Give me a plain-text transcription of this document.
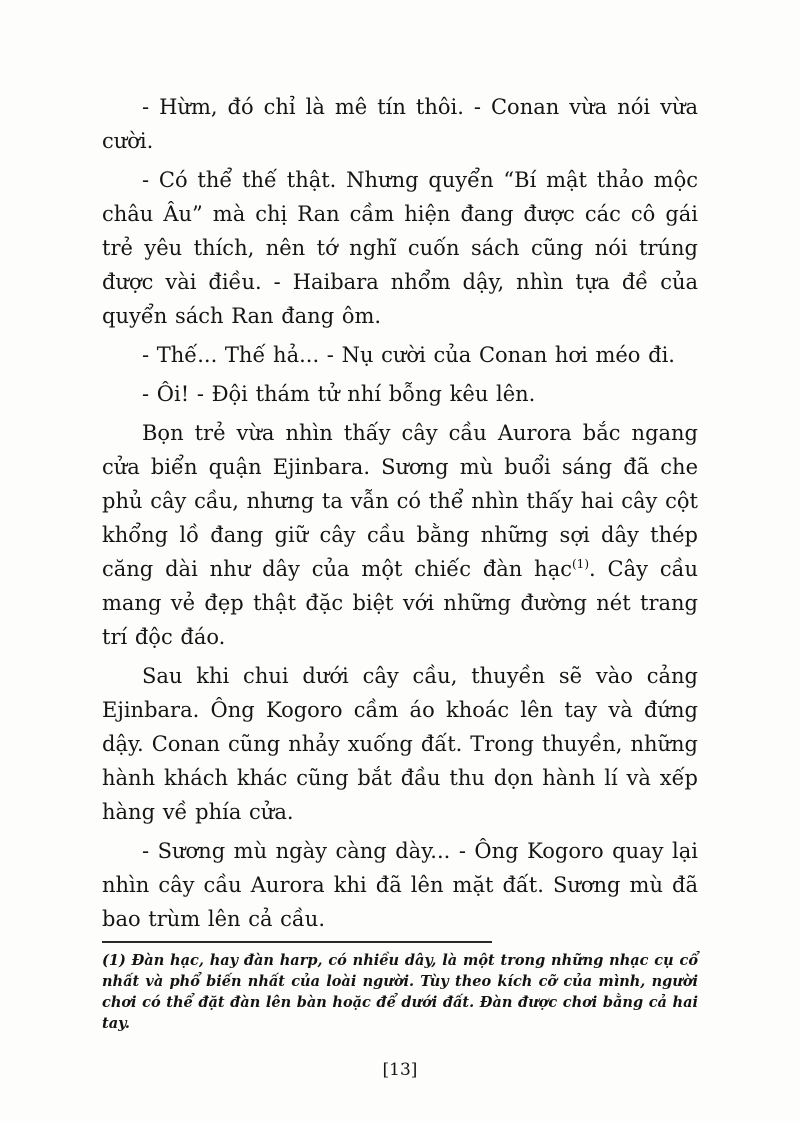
- Hừm, đó chỉ là mê tín thôi. - Conan vừa nói vừa cười.

- Có thể thế thật. Nhưng quyển “Bí mật thảo mộc châu Âu” mà chị Ran cầm hiện đang được các cô gái trẻ yêu thích, nên tớ nghĩ cuốn sách cũng nói trúng được vài điều. - Haibara nhổm dậy, nhìn tựa đề của quyển sách Ran đang ôm.

- Thế... Thế hả... - Nụ cười của Conan hơi méo đi.

- Ôi! - Đội thám tử nhí bỗng kêu lên.

Bọn trẻ vừa nhìn thấy cây cầu Aurora bắc ngang cửa biển quận Ejinbara. Sương mù buổi sáng đã che phủ cây cầu, nhưng ta vẫn có thể nhìn thấy hai cây cột khổng lồ đang giữ cây cầu bằng những sợi dây thép căng dài như dây của một chiếc đàn hạc$^{(1)}$. Cây cầu mang vẻ đẹp thật đặc biệt với những đường nét trang trí độc đáo.

Sau khi chui dưới cây cầu, thuyền sẽ vào cảng Ejinbara. Ông Kogoro cầm áo khoác lên tay và đứng dậy. Conan cũng nhảy xuống đất. Trong thuyền, những hành khách khác cũng bắt đầu thu dọn hành lí và xếp hàng về phía cửa.

- Sương mù ngày càng dày... - Ông Kogoro quay lại nhìn cây cầu Aurora khi đã lên mặt đất. Sương mù đã bao trùm lên cả cầu.

(1) Đàn hạc, hay đàn harp, có nhiều dây, là một trong những nhạc cụ cổ nhất và phổ biến nhất của loài người. Tùy theo kích cỡ của mình, người chơi có thể đặt đàn lên bàn hoặc để dưới đất. Đàn được chơi bằng cả hai tay.

[13]
